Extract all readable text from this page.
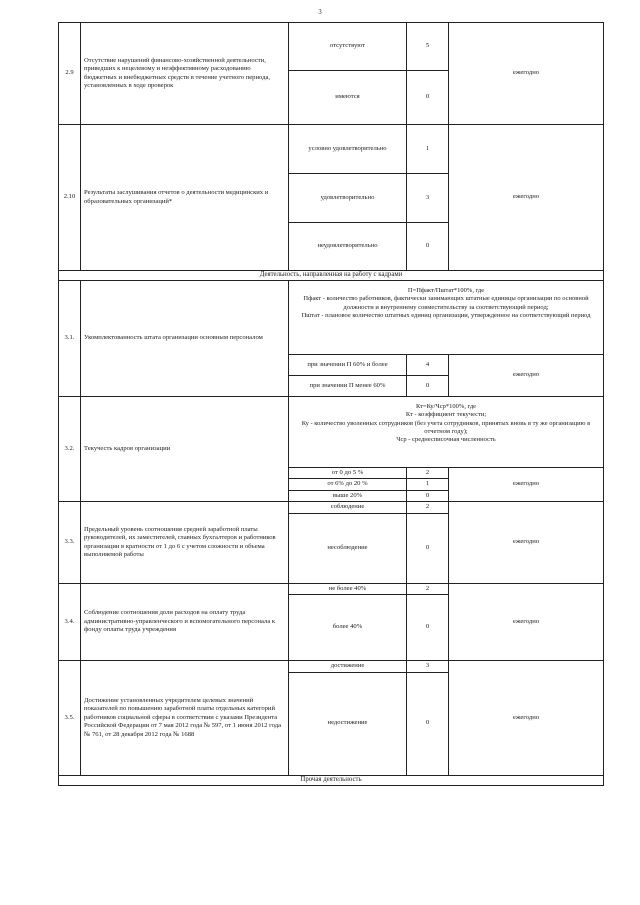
3
2.9	Отсутствие нарушений финансово-хозяйственной деятельности, приведших к нецелевому и неэффективному расходованию бюджетных и внебюджетных средств в течение учетного периода, установленных в ходе проверок	отсутствуют	5	ежегодно
		имеются	0	
2.10	Результаты заслушивания отчетов о деятельности медицинских и образовательных организаций*	условно удовлетворительно	1	ежегодно
		удовлетворительно	3	
		неудовлетворительно	0	
Деятельность, направленная на работу с кадрами				
3.1.	Укомплектованность штата организации основным персоналом	П=Пфакт/Пштат*100%, где
Пфакт - количество работников, фактически занимающих штатные единицы организации по основной должности и внутреннему совместительству за соответствующий период;
Пштат - плановое количество штатных единиц организации, утвержденное на соответствующий период		

		при значении П 60% и более	4	ежегодно
		при значении П менее 60%	0	
3.2.	Текучесть кадров организации	Кт=Ку/Чср*100%, где
Кт - коэффициент текучести;
Ку - количество уволенных сотрудников (без учета сотрудников, принятых вновь в ту же организацию в отчетном году);
Чср - среднесписочная численность		

		от 0 до 5 %	2	ежегодно
		от 6% до 20 %	1	
		выше 20%	0	
3.3.	Предельный уровень соотношения средней заработной платы руководителей, их заместителей, главных бухгалтеров и работников организации в кратности от 1 до 6 с учетом сложности и объема выполняемой работы	соблюдение	2	ежегодно
		несоблюдение	0	
3.4.	Соблюдение соотношения доли расходов на оплату труда административно-управленческого и вспомогательного персонала к фонду оплаты труда учреждения	не более 40%	2	ежегодно
		более 40%	0	
3.5.	Достижение установленных учредителем целевых значений показателей по повышению заработной платы отдельных категорий работников социальной сферы в соответствии с указами Президента Российской Федерации от 7 мая 2012 года № 597, от 1 июня 2012 года № 761, от 28 декабря 2012 года № 1688	достижение	3	ежегодно
		недостижение	0	
Прочая деятельность				
